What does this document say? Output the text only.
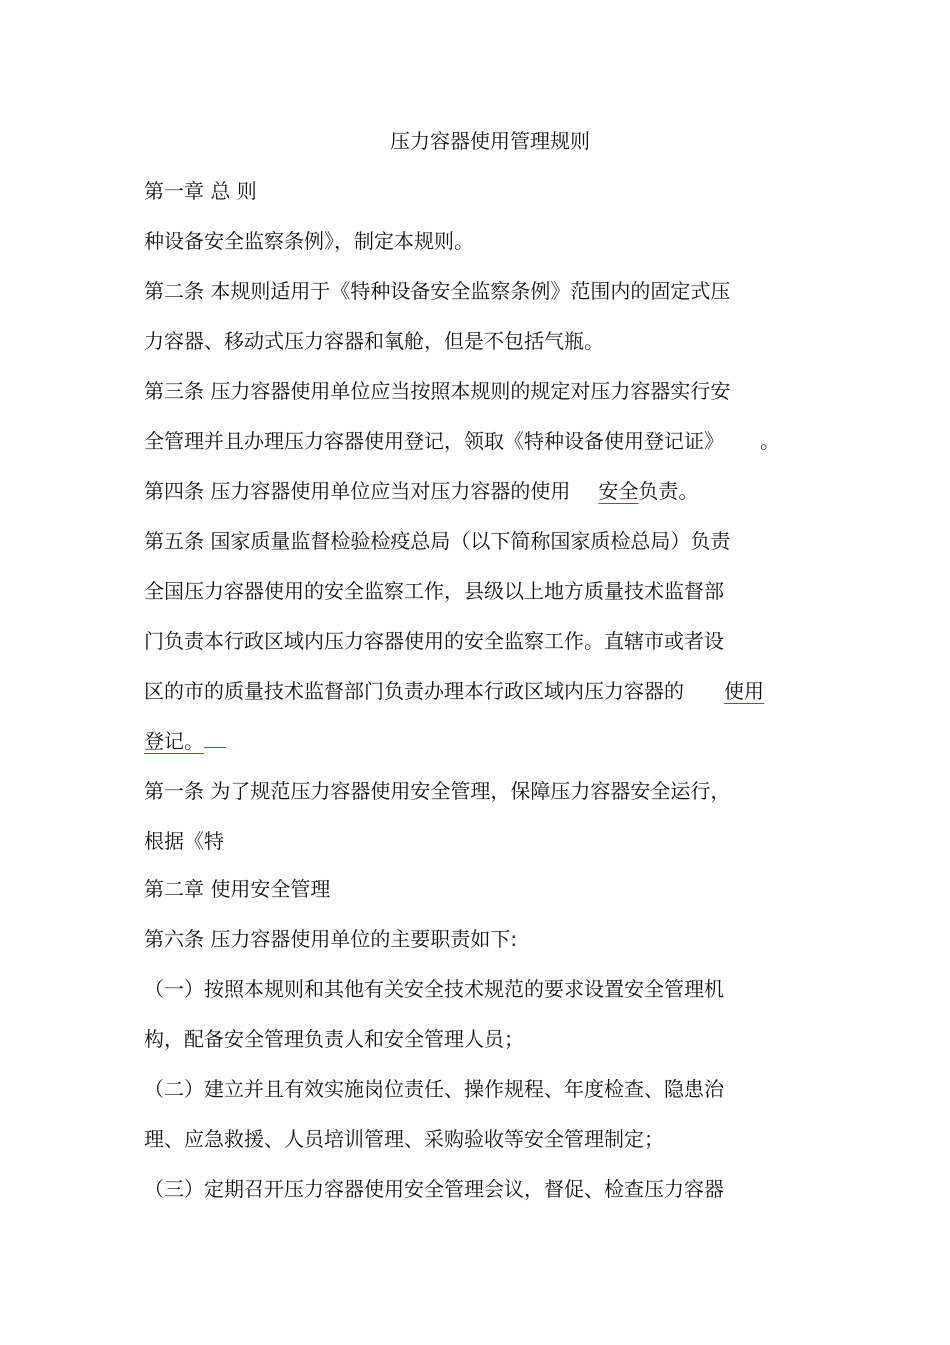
压力容器使用管理规则
第一章 总 则
种设备安全监察条例》，制定本规则。
第二条 本规则适用于《特种设备安全监察条例》范围内的固定式压
力容器、移动式压力容器和氧舱，但是不包括气瓶。
第三条 压力容器使用单位应当按照本规则的规定对压力容器实行安
全管理并且办理压力容器使用登记，领取《特种设备使用登记证》 。
第四条 压力容器使用单位应当对压力容器的使用 安全负责。
第五条 国家质量监督检验检疫总局（以下简称国家质检总局）负责
全国压力容器使用的安全监察工作，县级以上地方质量技术监督部
门负责本行政区域内压力容器使用的安全监察工作。直辖市或者设
区的市的质量技术监督部门负责办理本行政区域内压力容器的 使用
登记。
第一条 为了规范压力容器使用安全管理，保障压力容器安全运行，
根据《特
第二章 使用安全管理
第六条 压力容器使用单位的主要职责如下:
（一）按照本规则和其他有关安全技术规范的要求设置安全管理机
构，配备安全管理负责人和安全管理人员；
（二）建立并且有效实施岗位责任、操作规程、年度检查、隐患治
理、应急救援、人员培训管理、采购验收等安全管理制定；
（三）定期召开压力容器使用安全管理会议，督促、检查压力容器
